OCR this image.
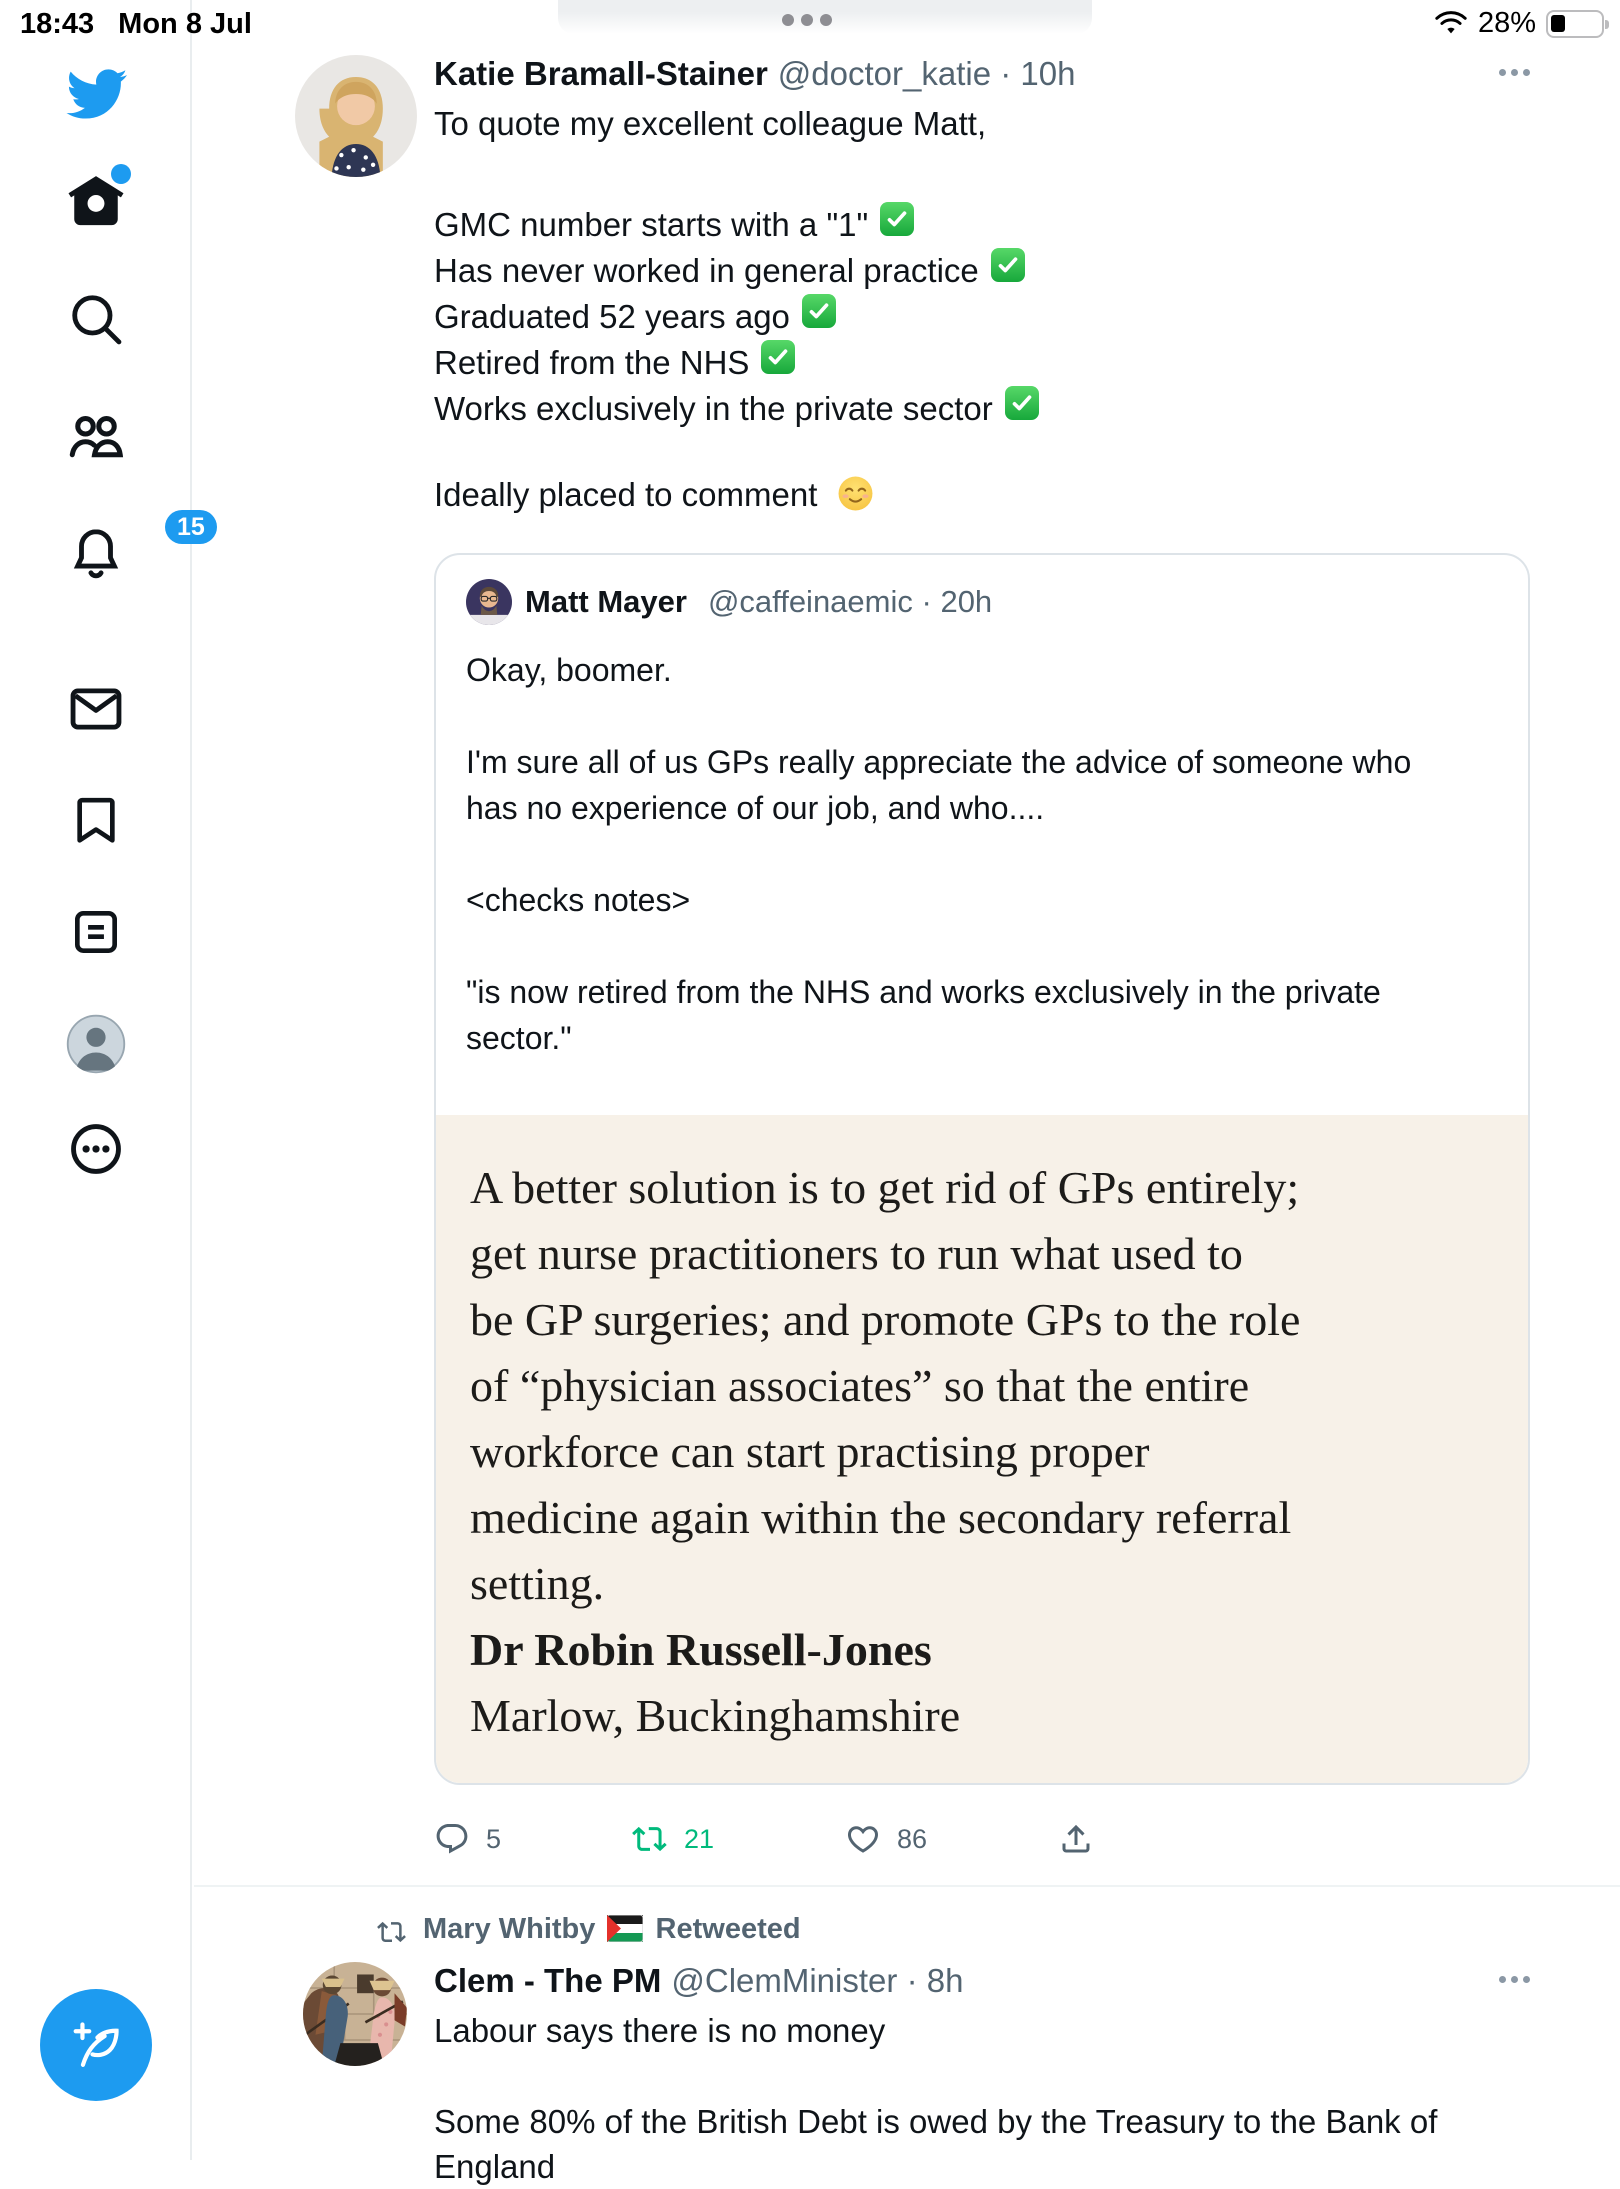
15
Katie Bramall-Stainer @doctor_katie · 10h
To quote my excellent colleague Matt,
GMC number starts with a "1"
Has never worked in general practice
Graduated 52 years ago
Retired from the NHS
Works exclusively in the private sector
Ideally placed to comment
Matt Mayer @caffeinaemic · 20h
Okay, boomer.
I'm sure all of us GPs really appreciate the advice of someone who
has no experience of our job, and who....
<checks notes>
"is now retired from the NHS and works exclusively in the private
sector."
A better solution is to get rid of GPs entirely;
get nurse practitioners to run what used to
be GP surgeries; and promote GPs to the role
of “physician associates” so that the entire
workforce can start practising proper
medicine again within the secondary referral
setting.
Dr Robin Russell-Jones
Marlow, Buckinghamshire
5	21	86
Mary Whitby Retweeted
Clem - The PM @ClemMinister · 8h
Labour says there is no money
Some 80% of the British Debt is owed by the Treasury to the Bank of
England
18:43 Mon 8 Jul	28%
